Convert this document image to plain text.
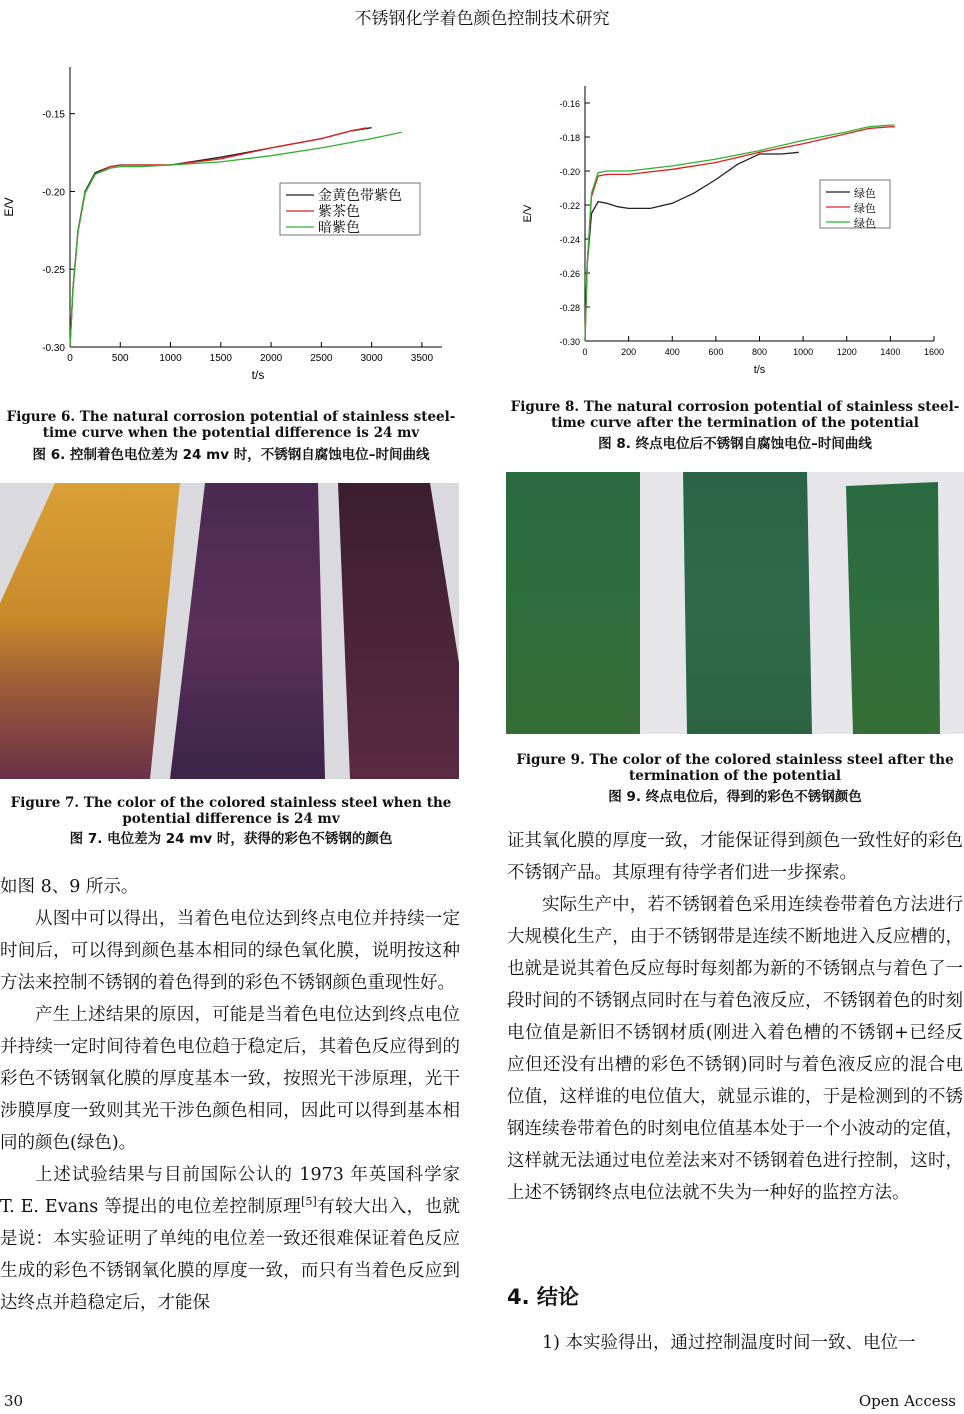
不锈钢化学着色颜色控制技术研究
0	500	1000	1500	2000	2500	3000	3500
-0.30
-0.25
-0.20
-0.15
t/s
E/V
金黄色带紫色
紫茶色
暗紫色
Figure 6. The natural corrosion potential of stainless steel-time curve when the potential difference is 24 mv
图 6. 控制着色电位差为 24 mv 时，不锈钢自腐蚀电位–时间曲线
Figure 7. The color of the colored stainless steel when the potential difference is 24 mv
图 7. 电位差为 24 mv 时，获得的彩色不锈钢的颜色
0	200	400	600	800	1000	1200	1400	1600
-0.30
-0.28
-0.26
-0.24
-0.22
-0.20
-0.18
-0.16
t/s
E/V
绿色
绿色
绿色
Figure 8. The natural corrosion potential of stainless steel-time curve after the termination of the potential
图 8. 终点电位后不锈钢自腐蚀电位–时间曲线
Figure 9. The color of the colored stainless steel after the termination of the potential
图 9. 终点电位后，得到的彩色不锈钢颜色

如图 8、9 所示。

从图中可以得出，当着色电位达到终点电位并持续一定时间后，可以得到颜色基本相同的绿色氧化膜，说明按这种方法来控制不锈钢的着色得到的彩色不锈钢颜色重现性好。

产生上述结果的原因，可能是当着色电位达到终点电位并持续一定时间待着色电位趋于稳定后，其着色反应得到的彩色不锈钢氧化膜的厚度基本一致，按照光干涉原理，光干涉膜厚度一致则其光干涉色颜色相同，因此可以得到基本相同的颜色(绿色)。

上述试验结果与目前国际公认的 1973 年英国科学家 T. E. Evans 等提出的电位差控制原理[5]有较大出入，也就是说：本实验证明了单纯的电位差一致还很难保证着色反应生成的彩色不锈钢氧化膜的厚度一致，而只有当着色反应到达终点并趋稳定后，才能保

证其氧化膜的厚度一致，才能保证得到颜色一致性好的彩色不锈钢产品。其原理有待学者们进一步探索。

实际生产中，若不锈钢着色采用连续卷带着色方法进行大规模化生产，由于不锈钢带是连续不断地进入反应槽的，也就是说其着色反应每时每刻都为新的不锈钢点与着色了一段时间的不锈钢点同时在与着色液反应，不锈钢着色的时刻电位值是新旧不锈钢材质(刚进入着色槽的不锈钢+已经反应但还没有出槽的彩色不锈钢)同时与着色液反应的混合电位值，这样谁的电位值大，就显示谁的，于是检测到的不锈钢连续卷带着色的时刻电位值基本处于一个小波动的定值，这样就无法通过电位差法来对不锈钢着色进行控制，这时，上述不锈钢终点电位法就不失为一种好的监控方法。

4. 结论

1) 本实验得出，通过控制温度时间一致、电位一

30	Open Access
